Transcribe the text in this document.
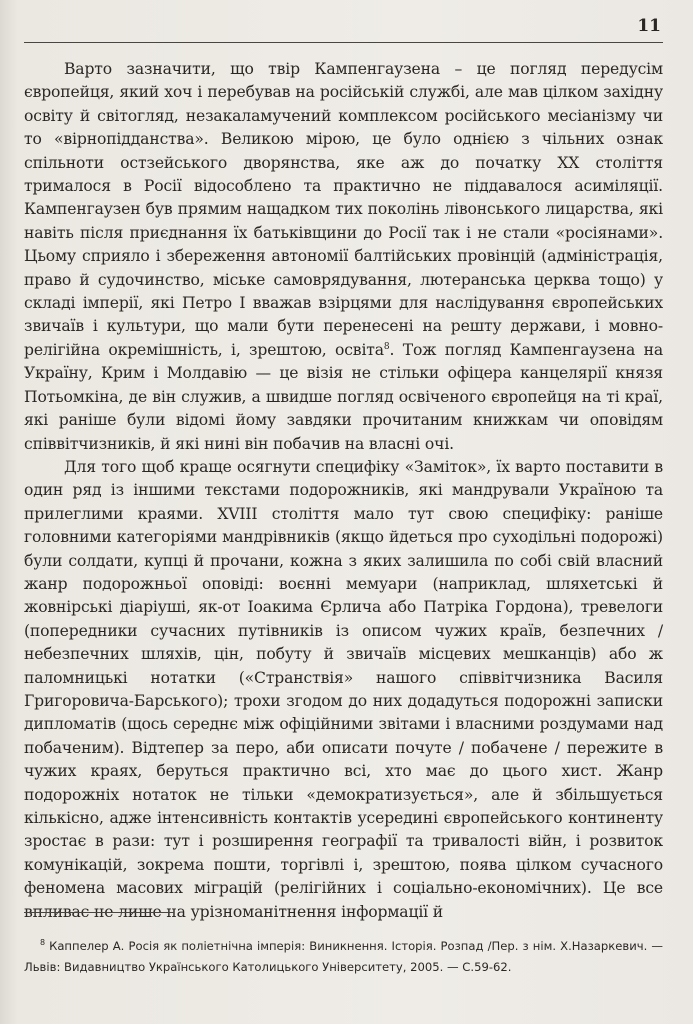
11

Варто зазначити, що твір Кампенгаузена – це погляд передусім європейця, який хоч і перебував на російській службі, але мав цілком західну освіту й світогляд, незакаламучений комплексом російського месіанізму чи то «вірнопідданства». Великою мірою, це було однією з чільних ознак спільноти остзейського дворянства, яке аж до початку ХХ століття трималося в Росії відособлено та практично не піддавалося асиміляції. Кампенгаузен був прямим нащадком тих поколінь лівонського лицарства, які навіть після приєднання їх батьківщини до Росії так і не стали «росіянами». Цьому сприяло і збереження автономії балтійських провінцій (адміністрація, право й судочинство, міське самоврядування, лютеранська церква тощо) у складі імперії, які Петро І вважав взірцями для наслідування європейських звичаїв і культури, що мали бути перенесені на решту держави, і мовно-релігійна окремішність, і, зрештою, освіта$^8$. Тож погляд Кампенгаузена на Україну, Крим і Молдавію — це візія не стільки офіцера канцелярії князя Потьомкіна, де він служив, а швидше погляд освіченого європейця на ті краї, які раніше були відомі йому завдяки прочитаним книжкам чи оповідям співвітчизників, й які нині він побачив на власні очі.

Для того щоб краще осягнути специфіку «Заміток», їх варто поставити в один ряд із іншими текстами подорожників, які мандрували Україною та прилеглими краями. XVIII століття мало тут свою специфіку: раніше головними категоріями мандрівників (якщо йдеться про суходільні подорожі) були солдати, купці й прочани, кожна з яких залишила по собі свій власний жанр подорожньої оповіді: воєнні мемуари (наприклад, шляхетські й жовнірські діаріуші, як-от Іоакима Єрлича або Патріка Гордона), тревелоги (попередники сучасних путівників із описом чужих країв, безпечних / небезпечних шляхів, цін, побуту й звичаїв місцевих мешканців) або ж паломницькі нотатки («Странствія» нашого співвітчизника Василя Григоровича-Барського); трохи згодом до них додадуться подорожні записки дипломатів (щось середнє між офіційними звітами і власними роздумами над побаченим). Відтепер за перо, аби описати почуте / побачене / пережите в чужих краях, беруться практично всі, хто має до цього хист. Жанр подорожніх нотаток не тільки «демократизується», але й збільшується кількісно, адже інтенсивність контактів усередині європейського континенту зростає в рази: тут і розширення географії та тривалості війн, і розвиток комунікацій, зокрема пошти, торгівлі і, зрештою, поява цілком сучасного феномена масових міграцій (релігійних і соціально-економічних). Це все впливає не лише на урізноманітнення інформації й

$^8$ Каппелер А. Росія як поліетнічна імперія: Виникнення. Історія. Розпад /Пер. з нім. Х.Назаркевич. — Львів: Видавництво Українського Католицького Університету, 2005. — С.59-62.
